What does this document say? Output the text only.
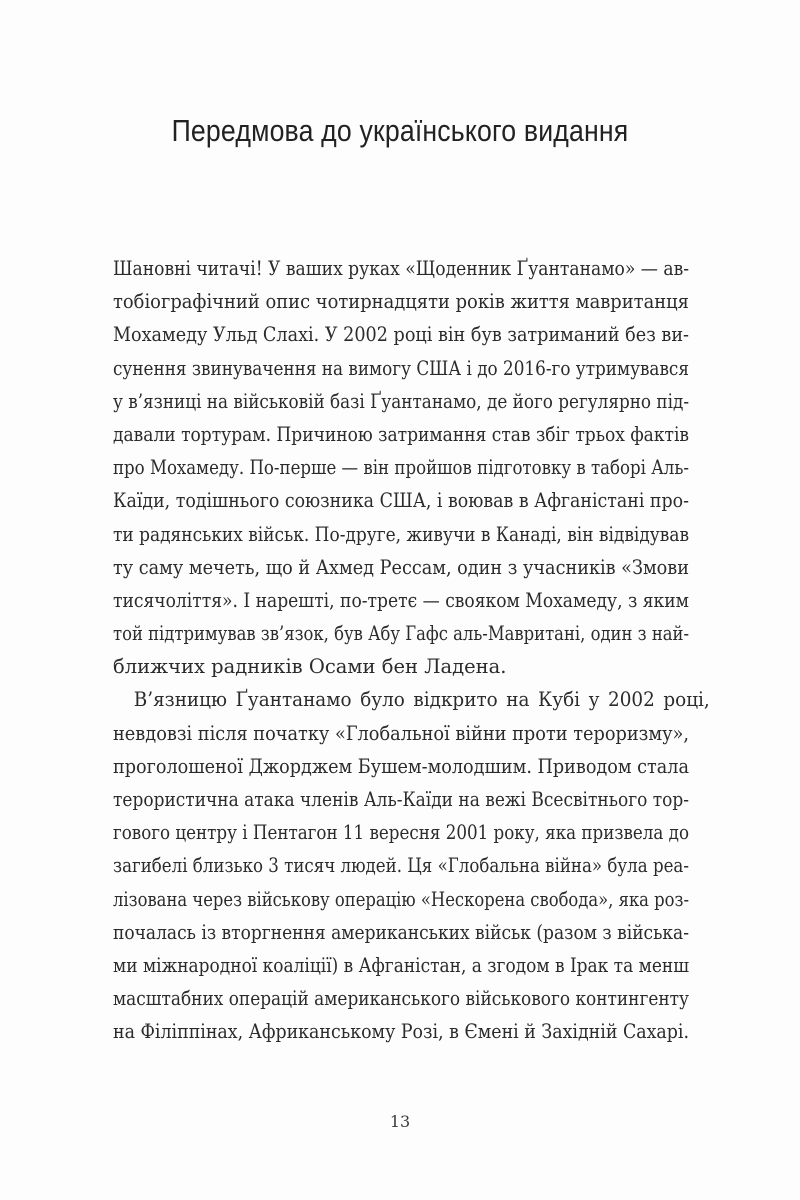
Передмова до українського видання
Шановні читачі! У ваших руках «Щоденник Ґуантанамо» — ав-
тобіографічний опис чотирнадцяти років життя мавританця
Мохамеду Ульд Слахі. У 2002 році він був затриманий без ви-
сунення звинувачення на вимогу США і до 2016-го утримувався
у в’язниці на військовій базі Ґуантанамо, де його регулярно під-
давали тортурам. Причиною затримання став збіг трьох фактів
про Мохамеду. По-перше — він пройшов підготовку в таборі Аль-
Каїди, тодішнього союзника США, і воював в Афганістані про-
ти радянських військ. По-друге, живучи в Канаді, він відвідував
ту саму мечеть, що й Ахмед Рессам, один з учасників «Змови
тисячоліття». І нарешті, по-третє — свояком Мохамеду, з яким
той підтримував зв’язок, був Абу Гафс аль-Мавритані, один з най-
ближчих радників Осами бен Ладена.
В’язницю Ґуантанамо було відкрито на Кубі у 2002 році,
невдовзі після початку «Глобальної війни проти тероризму»,
проголошеної Джорджем Бушем-молодшим. Приводом стала
терористична атака членів Аль-Каїди на вежі Всесвітнього тор-
гового центру і Пентагон 11 вересня 2001 року, яка призвела до
загибелі близько 3 тисяч людей. Ця «Глобальна війна» була реа-
лізована через військову операцію «Нескорена свобода», яка роз-
почалась із вторгнення американських військ (разом з військa-
ми міжнародної коаліції) в Афганістан, а згодом в Ірак та менш
масштабних операцій американського військового контингенту
на Філіппінах, Африканському Розі, в Ємені й Західній Сахарі.
13
